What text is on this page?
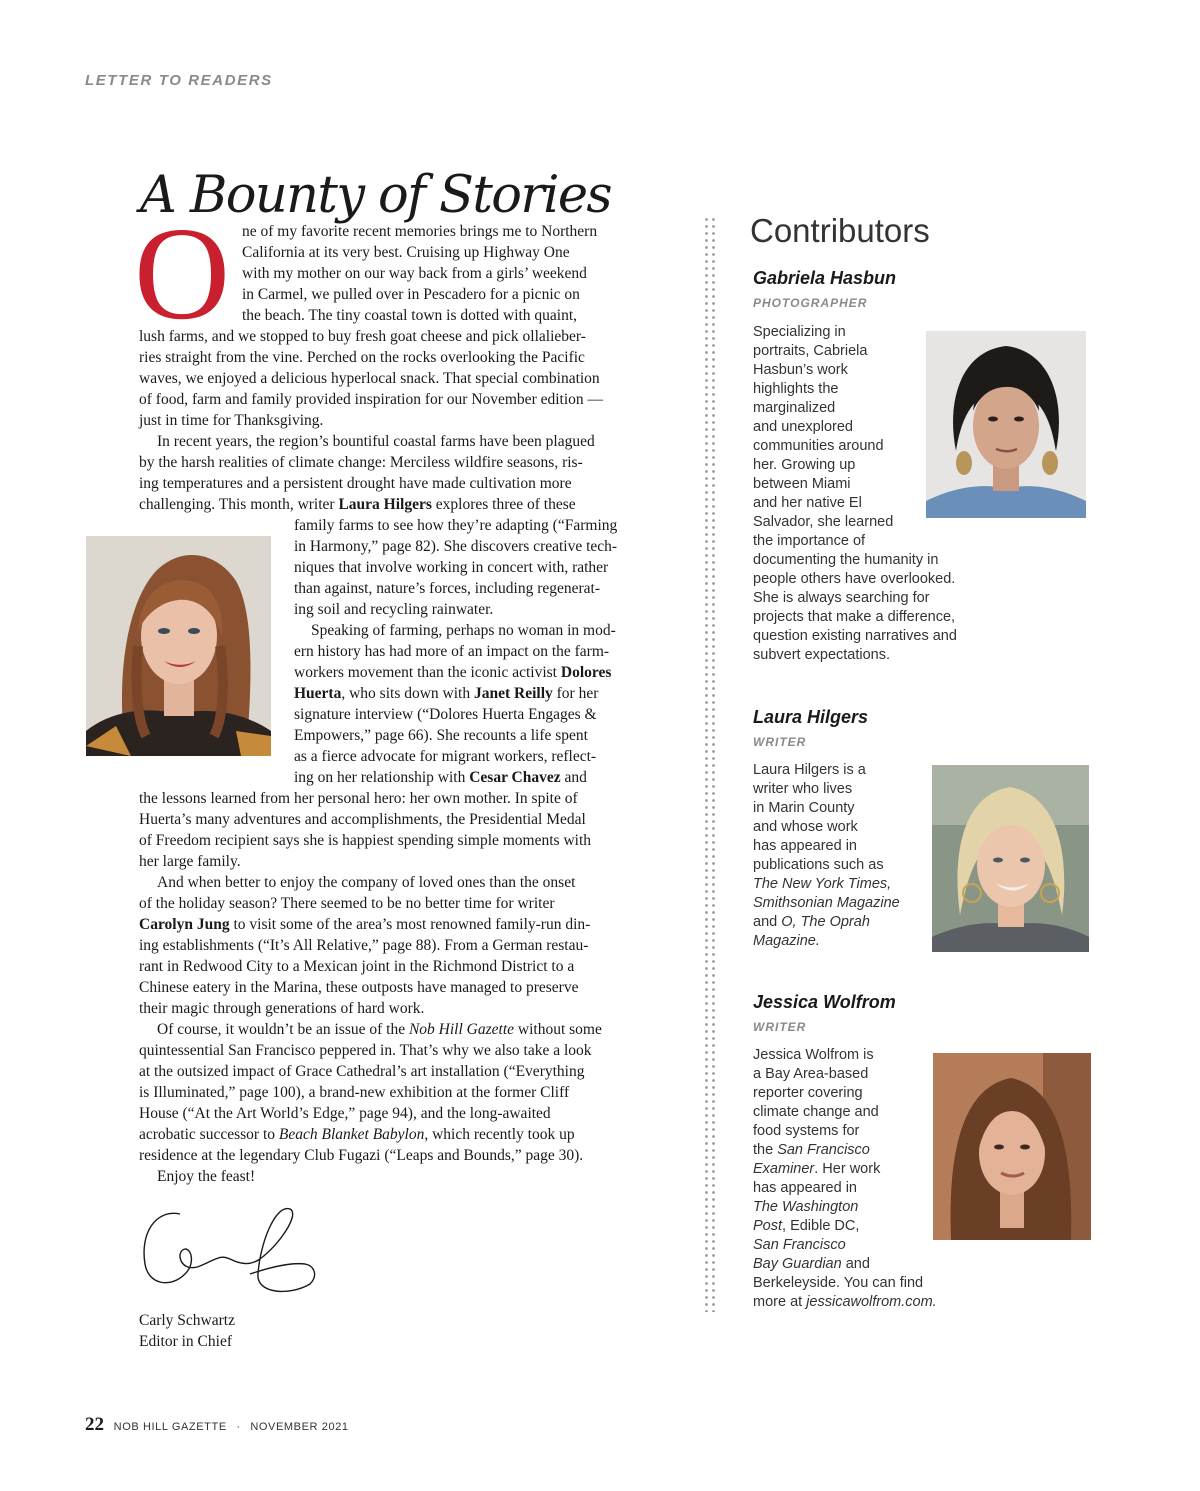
LETTER TO READERS
A Bounty of Stories
O ne of my favorite recent memories brings me to Northern
California at its very best. Cruising up Highway One
with my mother on our way back from a girls’ weekend
in Carmel, we pulled over in Pescadero for a picnic on
the beach. The tiny coastal town is dotted with quaint,
lush farms, and we stopped to buy fresh goat cheese and pick ollalieber-
ries straight from the vine. Perched on the rocks overlooking the Pacific
waves, we enjoyed a delicious hyperlocal snack. That special combination
of food, farm and family provided inspiration for our November edition —
just in time for Thanksgiving.
In recent years, the region’s bountiful coastal farms have been plagued
by the harsh realities of climate change: Merciless wildfire seasons, ris-
ing temperatures and a persistent drought have made cultivation more
challenging. This month, writer Laura Hilgers explores three of these
family farms to see how they’re adapting (“Farming
in Harmony,” page 82). She discovers creative tech-
niques that involve working in concert with, rather
than against, nature’s forces, including regenerat-
ing soil and recycling rainwater.
Speaking of farming, perhaps no woman in mod-
ern history has had more of an impact on the farm-
workers movement than the iconic activist Dolores
Huerta, who sits down with Janet Reilly for her
signature interview (“Dolores Huerta Engages &
Empowers,” page 66). She recounts a life spent
as a fierce advocate for migrant workers, reflect-
ing on her relationship with Cesar Chavez and
the lessons learned from her personal hero: her own mother. In spite of
Huerta’s many adventures and accomplishments, the Presidential Medal
of Freedom recipient says she is happiest spending simple moments with
her large family.
And when better to enjoy the company of loved ones than the onset
of the holiday season? There seemed to be no better time for writer
Carolyn Jung to visit some of the area’s most renowned family-run din-
ing establishments (“It’s All Relative,” page 88). From a German restau-
rant in Redwood City to a Mexican joint in the Richmond District to a
Chinese eatery in the Marina, these outposts have managed to preserve
their magic through generations of hard work.
Of course, it wouldn’t be an issue of the Nob Hill Gazette without some
quintessential San Francisco peppered in. That’s why we also take a look
at the outsized impact of Grace Cathedral’s art installation (“Everything
is Illuminated,” page 100), a brand-new exhibition at the former Cliff
House (“At the Art World’s Edge,” page 94), and the long-awaited
acrobatic successor to Beach Blanket Babylon, which recently took up
residence at the legendary Club Fugazi (“Leaps and Bounds,” page 30).
Enjoy the feast!
Carly Schwartz
Editor in Chief
Contributors
Gabriela Hasbun
PHOTOGRAPHER
Specializing in
portraits, Cabriela
Hasbun’s work
highlights the
marginalized
and unexplored
communities around
her. Growing up
between Miami
and her native El
Salvador, she learned
the importance of
documenting the humanity in
people others have overlooked.
She is always searching for
projects that make a difference,
question existing narratives and
subvert expectations.
Laura Hilgers
WRITER
Laura Hilgers is a
writer who lives
in Marin County
and whose work
has appeared in
publications such as
The New York Times,
Smithsonian Magazine
and O, The Oprah
Magazine.
Jessica Wolfrom
WRITER
Jessica Wolfrom is
a Bay Area-based
reporter covering
climate change and
food systems for
the San Francisco
Examiner. Her work
has appeared in
The Washington
Post, Edible DC,
San Francisco
Bay Guardian and
Berkeleyside. You can find
more at jessicawolfrom.com.
22 NOB HILL GAZETTE · NOVEMBER 2021
